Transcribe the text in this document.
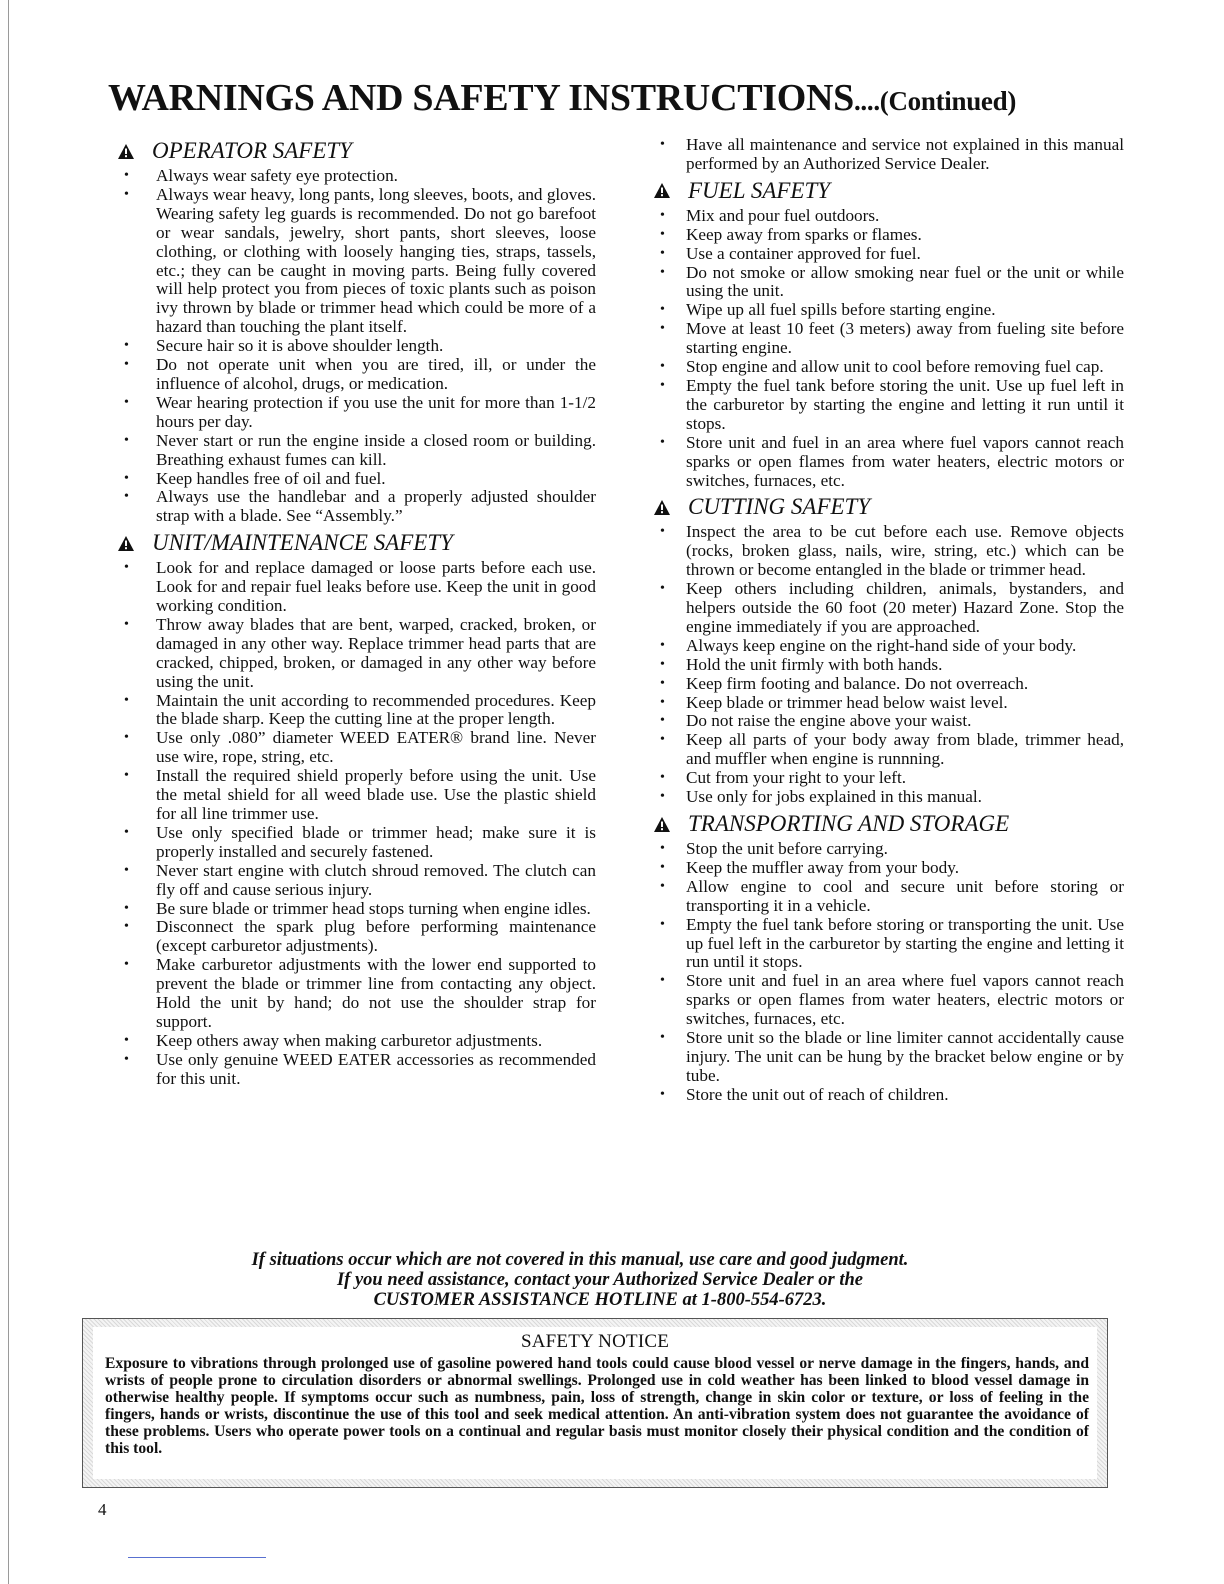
WARNINGS AND SAFETY INSTRUCTIONS....(Continued)
OPERATOR SAFETY
• Always wear safety eye protection.
• Always wear heavy, long pants, long sleeves, boots, and gloves. Wearing safety leg guards is recommended. Do not go barefoot or wear sandals, jewelry, short pants, short sleeves, loose clothing, or clothing with loosely hanging ties, straps, tassels, etc.; they can be caught in moving parts. Being fully covered will help protect you from pieces of toxic plants such as poison ivy thrown by blade or trimmer head which could be more of a hazard than touching the plant itself.
• Secure hair so it is above shoulder length.
• Do not operate unit when you are tired, ill, or under the influence of alcohol, drugs, or medication.
• Wear hearing protection if you use the unit for more than 1-1/2 hours per day.
• Never start or run the engine inside a closed room or building. Breathing exhaust fumes can kill.
• Keep handles free of oil and fuel.
• Always use the handlebar and a properly adjusted shoulder strap with a blade. See “Assembly.”
UNIT/MAINTENANCE SAFETY
• Look for and replace damaged or loose parts before each use. Look for and repair fuel leaks before use. Keep the unit in good working condition.
• Throw away blades that are bent, warped, cracked, broken, or damaged in any other way. Replace trimmer head parts that are cracked, chipped, broken, or damaged in any other way before using the unit.
• Maintain the unit according to recommended procedures. Keep the blade sharp. Keep the cutting line at the proper length.
• Use only .080” diameter WEED EATER® brand line. Never use wire, rope, string, etc.
• Install the required shield properly before using the unit. Use the metal shield for all weed blade use. Use the plastic shield for all line trimmer use.
• Use only specified blade or trimmer head; make sure it is properly installed and securely fastened.
• Never start engine with clutch shroud removed. The clutch can fly off and cause serious injury.
• Be sure blade or trimmer head stops turning when engine idles.
• Disconnect the spark plug before performing maintenance (except carburetor adjustments).
• Make carburetor adjustments with the lower end supported to prevent the blade or trimmer line from contacting any object. Hold the unit by hand; do not use the shoulder strap for support.
• Keep others away when making carburetor adjustments.
• Use only genuine WEED EATER accessories as recommended for this unit.
• Have all maintenance and service not explained in this manual performed by an Authorized Service Dealer.
FUEL SAFETY
• Mix and pour fuel outdoors.
• Keep away from sparks or flames.
• Use a container approved for fuel.
• Do not smoke or allow smoking near fuel or the unit or while using the unit.
• Wipe up all fuel spills before starting engine.
• Move at least 10 feet (3 meters) away from fueling site before starting engine.
• Stop engine and allow unit to cool before removing fuel cap.
• Empty the fuel tank before storing the unit. Use up fuel left in the carburetor by starting the engine and letting it run until it stops.
• Store unit and fuel in an area where fuel vapors cannot reach sparks or open flames from water heaters, electric motors or switches, furnaces, etc.
CUTTING SAFETY
• Inspect the area to be cut before each use. Remove objects (rocks, broken glass, nails, wire, string, etc.) which can be thrown or become entangled in the blade or trimmer head.
• Keep others including children, animals, bystanders, and helpers outside the 60 foot (20 meter) Hazard Zone. Stop the engine immediately if you are approached.
• Always keep engine on the right-hand side of your body.
• Hold the unit firmly with both hands.
• Keep firm footing and balance. Do not overreach.
• Keep blade or trimmer head below waist level.
• Do not raise the engine above your waist.
• Keep all parts of your body away from blade, trimmer head, and muffler when engine is runnning.
• Cut from your right to your left.
• Use only for jobs explained in this manual.
TRANSPORTING AND STORAGE
• Stop the unit before carrying.
• Keep the muffler away from your body.
• Allow engine to cool and secure unit before storing or transporting it in a vehicle.
• Empty the fuel tank before storing or transporting the unit. Use up fuel left in the carburetor by starting the engine and letting it run until it stops.
• Store unit and fuel in an area where fuel vapors cannot reach sparks or open flames from water heaters, electric motors or switches, furnaces, etc.
• Store unit so the blade or line limiter cannot accidentally cause injury. The unit can be hung by the bracket below engine or by tube.
• Store the unit out of reach of children.
If situations occur which are not covered in this manual, use care and good judgment.
If you need assistance, contact your Authorized Service Dealer or the
CUSTOMER ASSISTANCE HOTLINE at 1-800-554-6723.
SAFETY NOTICE
Exposure to vibrations through prolonged use of gasoline powered hand tools could cause blood vessel or nerve damage in the fingers, hands, and wrists of people prone to circulation disorders or abnormal swellings. Prolonged use in cold weather has been linked to blood vessel damage in otherwise healthy people. If symptoms occur such as numbness, pain, loss of strength, change in skin color or texture, or loss of feeling in the fingers, hands or wrists, discontinue the use of this tool and seek medical attention. An anti-vibration system does not guarantee the avoidance of these problems. Users who operate power tools on a continual and regular basis must monitor closely their physical condition and the condition of this tool.
4
